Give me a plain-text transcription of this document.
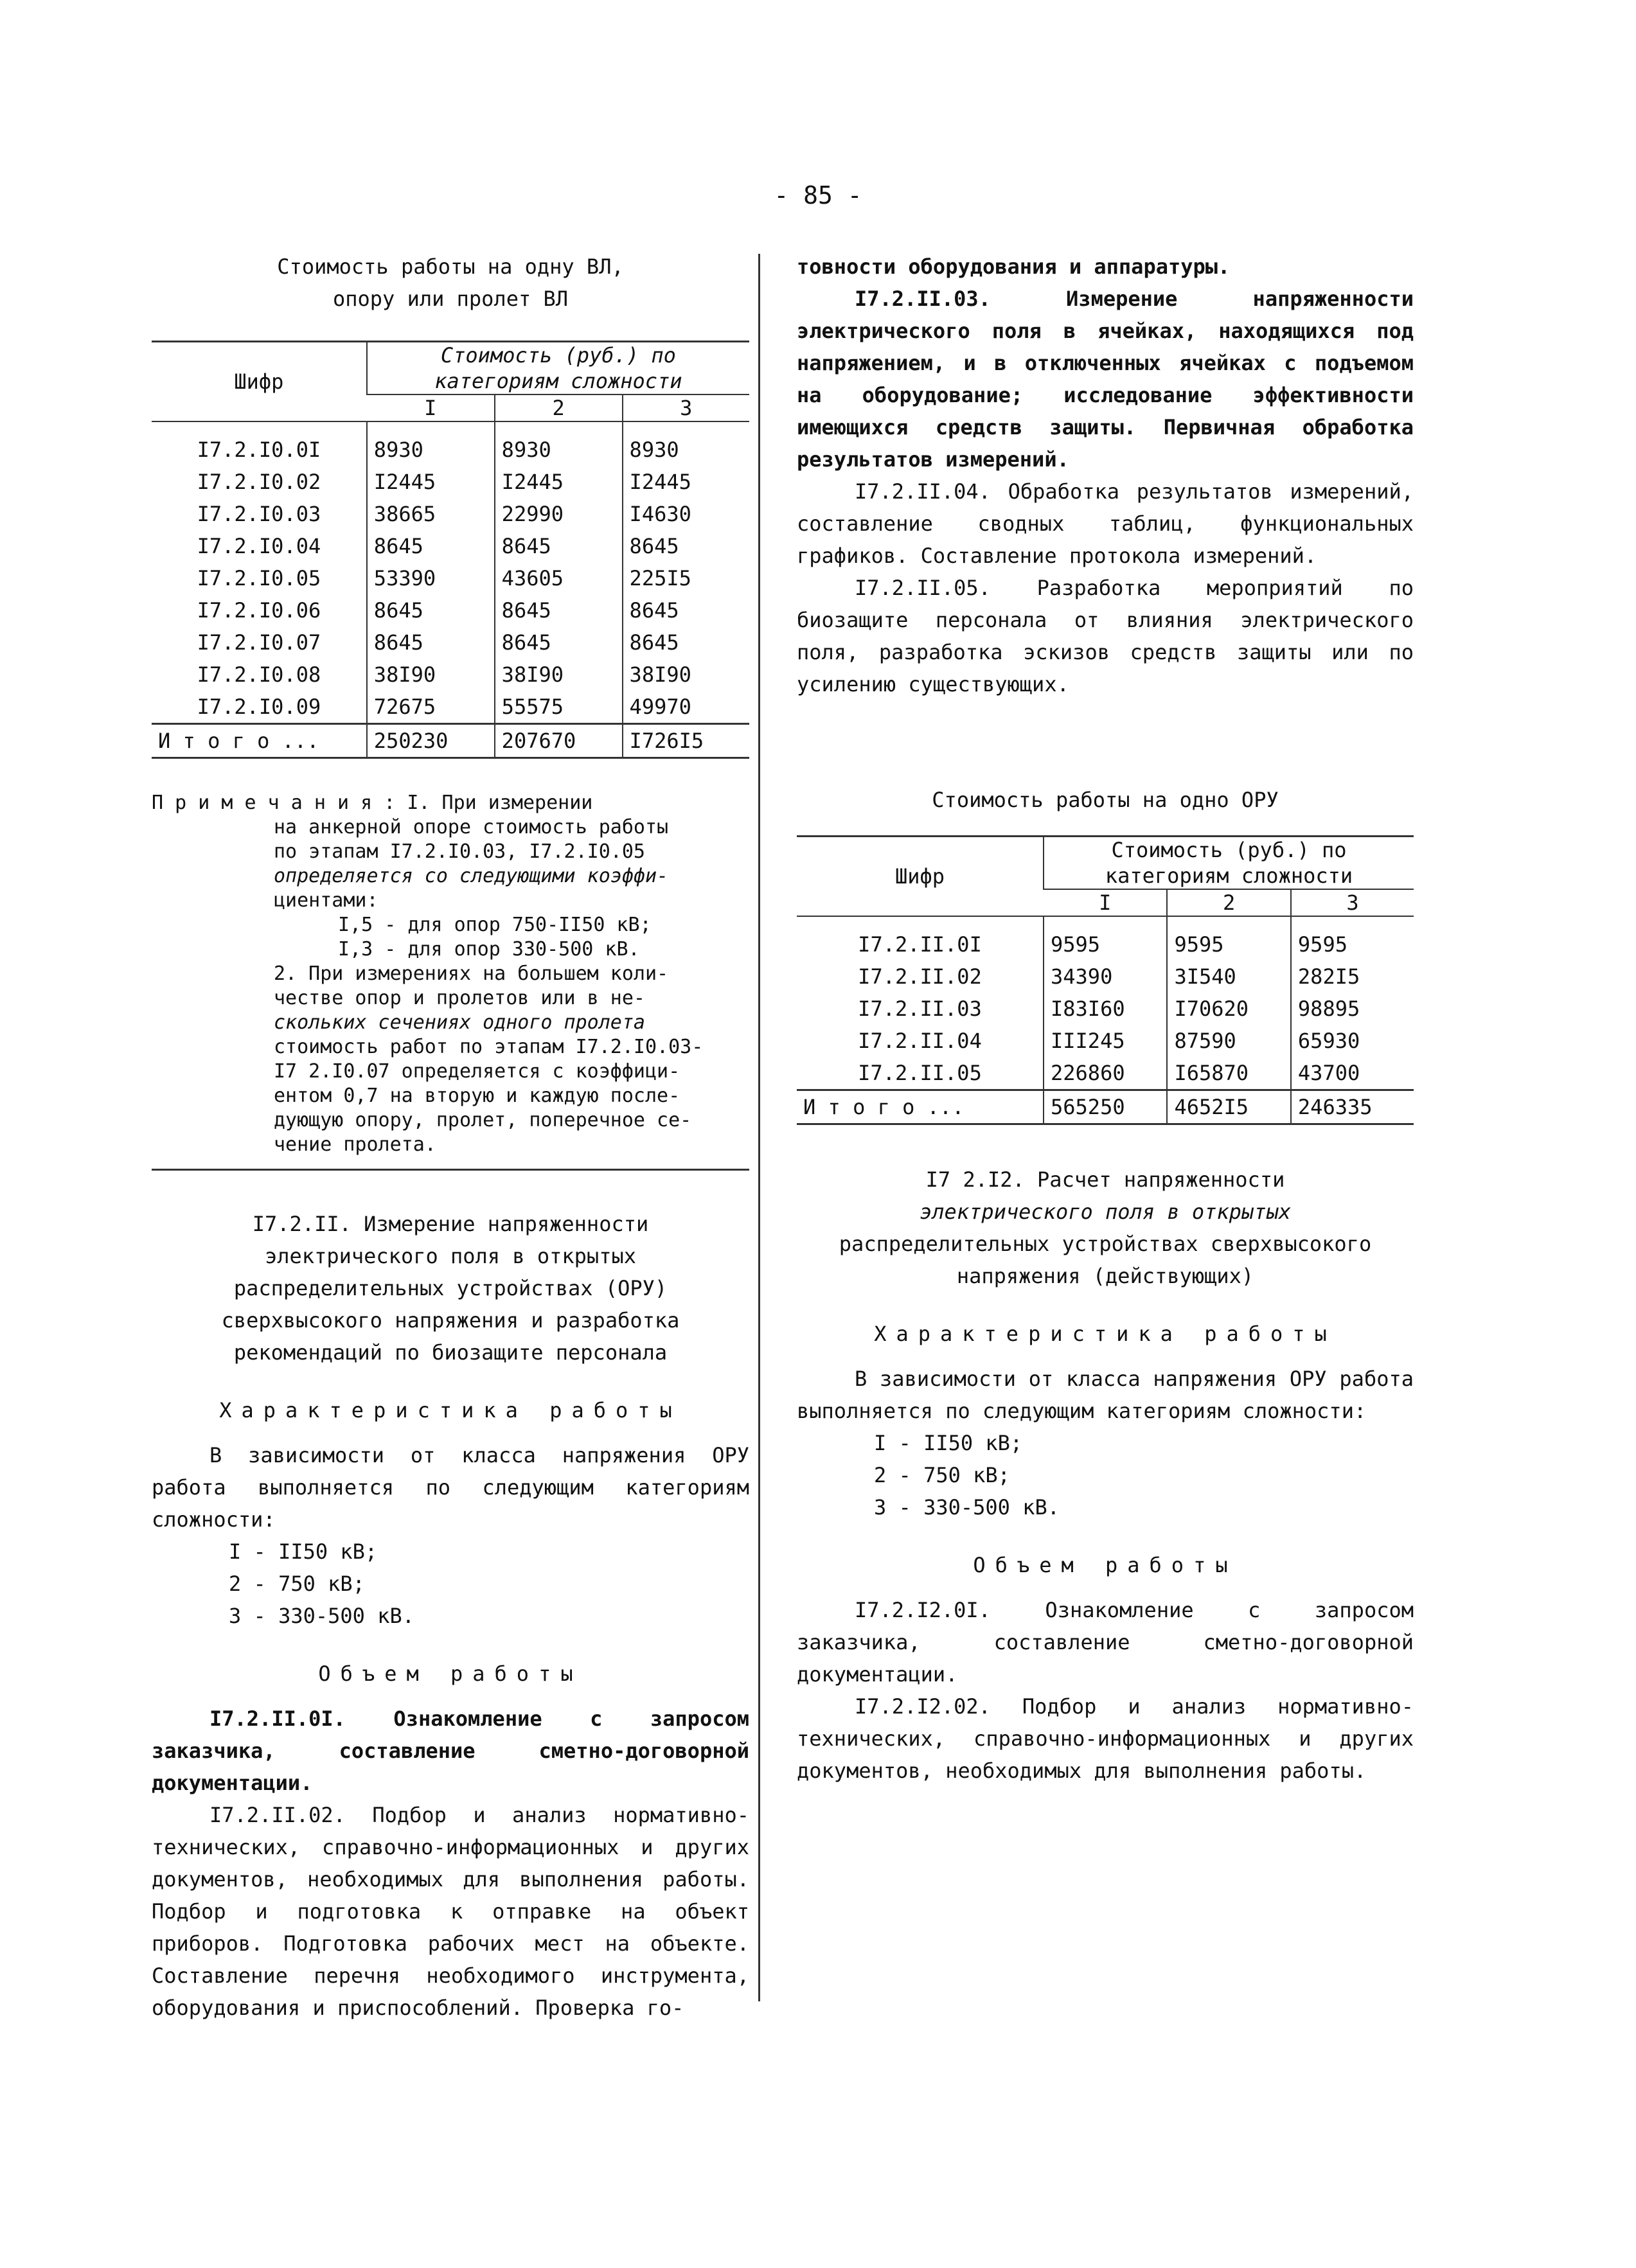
- 85 -
Стоимость работы на одну ВЛ,
опору или пролет ВЛ
Шифр	Стоимость (руб.) по категориям сложности		
	I	2	3

I7.2.I0.0I	8930	8930	8930
I7.2.I0.02	I2445	I2445	I2445
I7.2.I0.03	38665	22990	I4630
I7.2.I0.04	8645	8645	8645
I7.2.I0.05	53390	43605	225I5
I7.2.I0.06	8645	8645	8645
I7.2.I0.07	8645	8645	8645
I7.2.I0.08	38I90	38I90	38I90
I7.2.I0.09	72675	55575	49970
И т о г о ...	250230	207670	I726I5
П р и м е ч а н и я : I. При измерении
на анкерной опоре стоимость работы
по этапам I7.2.I0.03, I7.2.I0.05
определяется со следующими коэффи-
циентами:
I,5 - для опор 750-II50 кВ;
I,3 - для опор 330-500 кВ.
2. При измерениях на большем коли-
честве опор и пролетов или в не-
скольких сечениях одного пролета
стоимость работ по этапам I7.2.I0.03-
I7 2.I0.07 определяется с коэффици-
ентом 0,7 на вторую и каждую после-
дующую опору, пролет, поперечное се-
чение пролета.
I7.2.II. Измерение напряженности
электрического поля в открытых
распределительных устройствах (ОРУ)
сверхвысокого напряжения и разработка
рекомендаций по биозащите персонала
Характеристика работы
В зависимости от класса напряжения ОРУ работа выполняется по следующим категориям сложности:
I - II50 кВ;
2 - 750 кВ;
3 - 330-500 кВ.
Объем работы
I7.2.II.0I. Ознакомление с запросом заказчика, составление сметно-договорной документации.
I7.2.II.02. Подбор и анализ нормативно-технических, справочно-информационных и других документов, необходимых для выполнения работы. Подбор и подготовка к отправке на объект приборов. Подготовка рабочих мест на объекте. Составление перечня необходимого инструмента, оборудования и приспособлений. Проверка го-
товности оборудования и аппаратуры.
I7.2.II.03. Измерение напряженности электрического поля в ячейках, находящихся под напряжением, и в отключенных ячейках с подъемом на оборудование; исследование эффективности имеющихся средств защиты. Первичная обработка результатов измерений.
I7.2.II.04. Обработка результатов измерений, составление сводных таблиц, функциональных графиков. Составление протокола измерений.
I7.2.II.05. Разработка мероприятий по биозащите персонала от влияния электрического поля, разработка эскизов средств защиты или по усилению существующих.
Стоимость работы на одно ОРУ
Шифр	Стоимость (руб.) по категориям сложности		
	I	2	3

I7.2.II.0I	9595	9595	9595
I7.2.II.02	34390	3I540	282I5
I7.2.II.03	I83I60	I70620	98895
I7.2.II.04	III245	87590	65930
I7.2.II.05	226860	I65870	43700
И т о г о ...	565250	4652I5	246335
I7 2.I2. Расчет напряженности
электрического поля в открытых
распределительных устройствах сверхвысокого
напряжения (действующих)
Характеристика работы
В зависимости от класса напряжения ОРУ работа выполняется по следующим категориям сложности:
I - II50 кВ;
2 - 750 кВ;
3 - 330-500 кВ.
Объем работы
I7.2.I2.0I. Ознакомление с запросом заказчика, составление сметно-договорной документации.
I7.2.I2.02. Подбор и анализ нормативно-технических, справочно-информационных и других документов, необходимых для выполнения работы.
